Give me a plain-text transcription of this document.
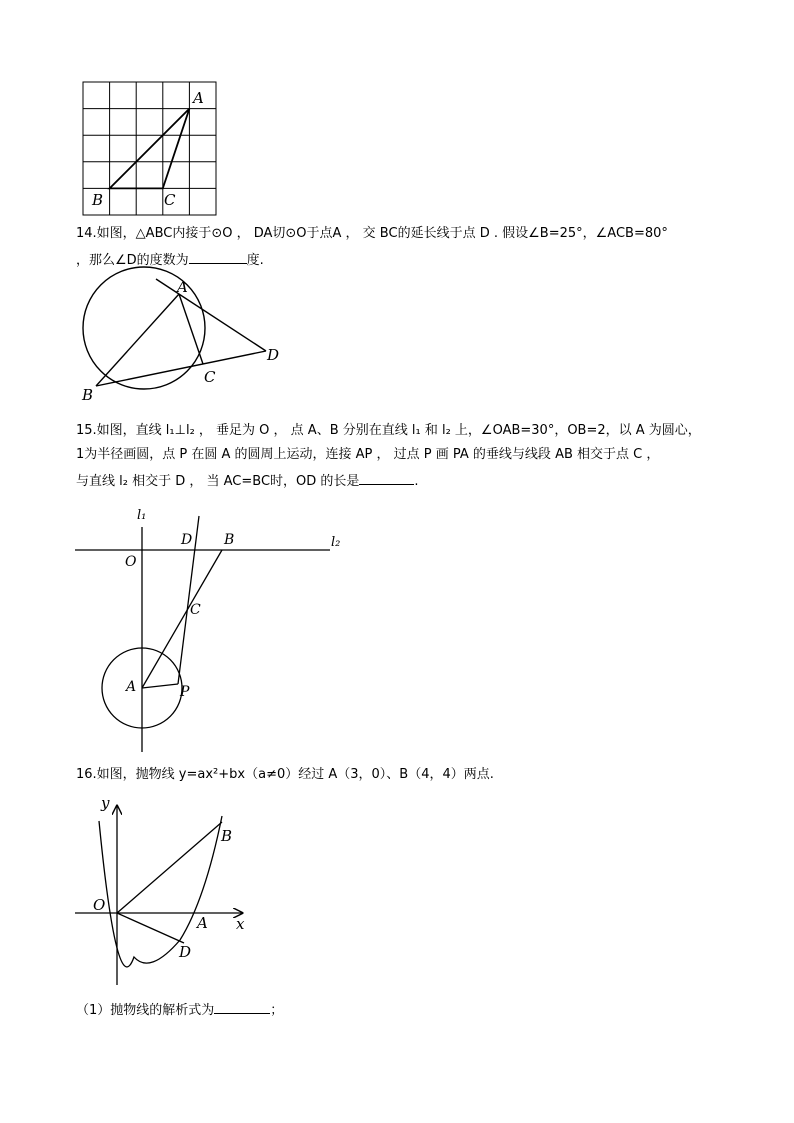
A
B	C
14.如图，△ABC内接于⊙O ， DA切⊙O于点A ， 交 BC的延长线于点 D . 假设∠B=25°，∠ACB=80°
，那么∠D的度数为	度.
A
B
C
D
15.如图，直线 l₁⊥l₂ ， 垂足为 O ， 点 A、B 分别在直线 l₁ 和 l₂ 上，∠OAB=30°，OB=2，以 A 为圆心，
1为半径画圆，点 P 在圆 A 的圆周上运动，连接 AP ， 过点 P 画 PA 的垂线与线段 AB 相交于点 C ，
与直线 l₂ 相交于 D ， 当 AC=BC时，OD 的长是	.
l₁
l₂
O
D B
C
A	P
16.如图，抛物线 y=ax²+bx（a≠0）经过 A（3，0）、B（4，4）两点.
y
x
O
A
B
D
（1）抛物线的解析式为	；
